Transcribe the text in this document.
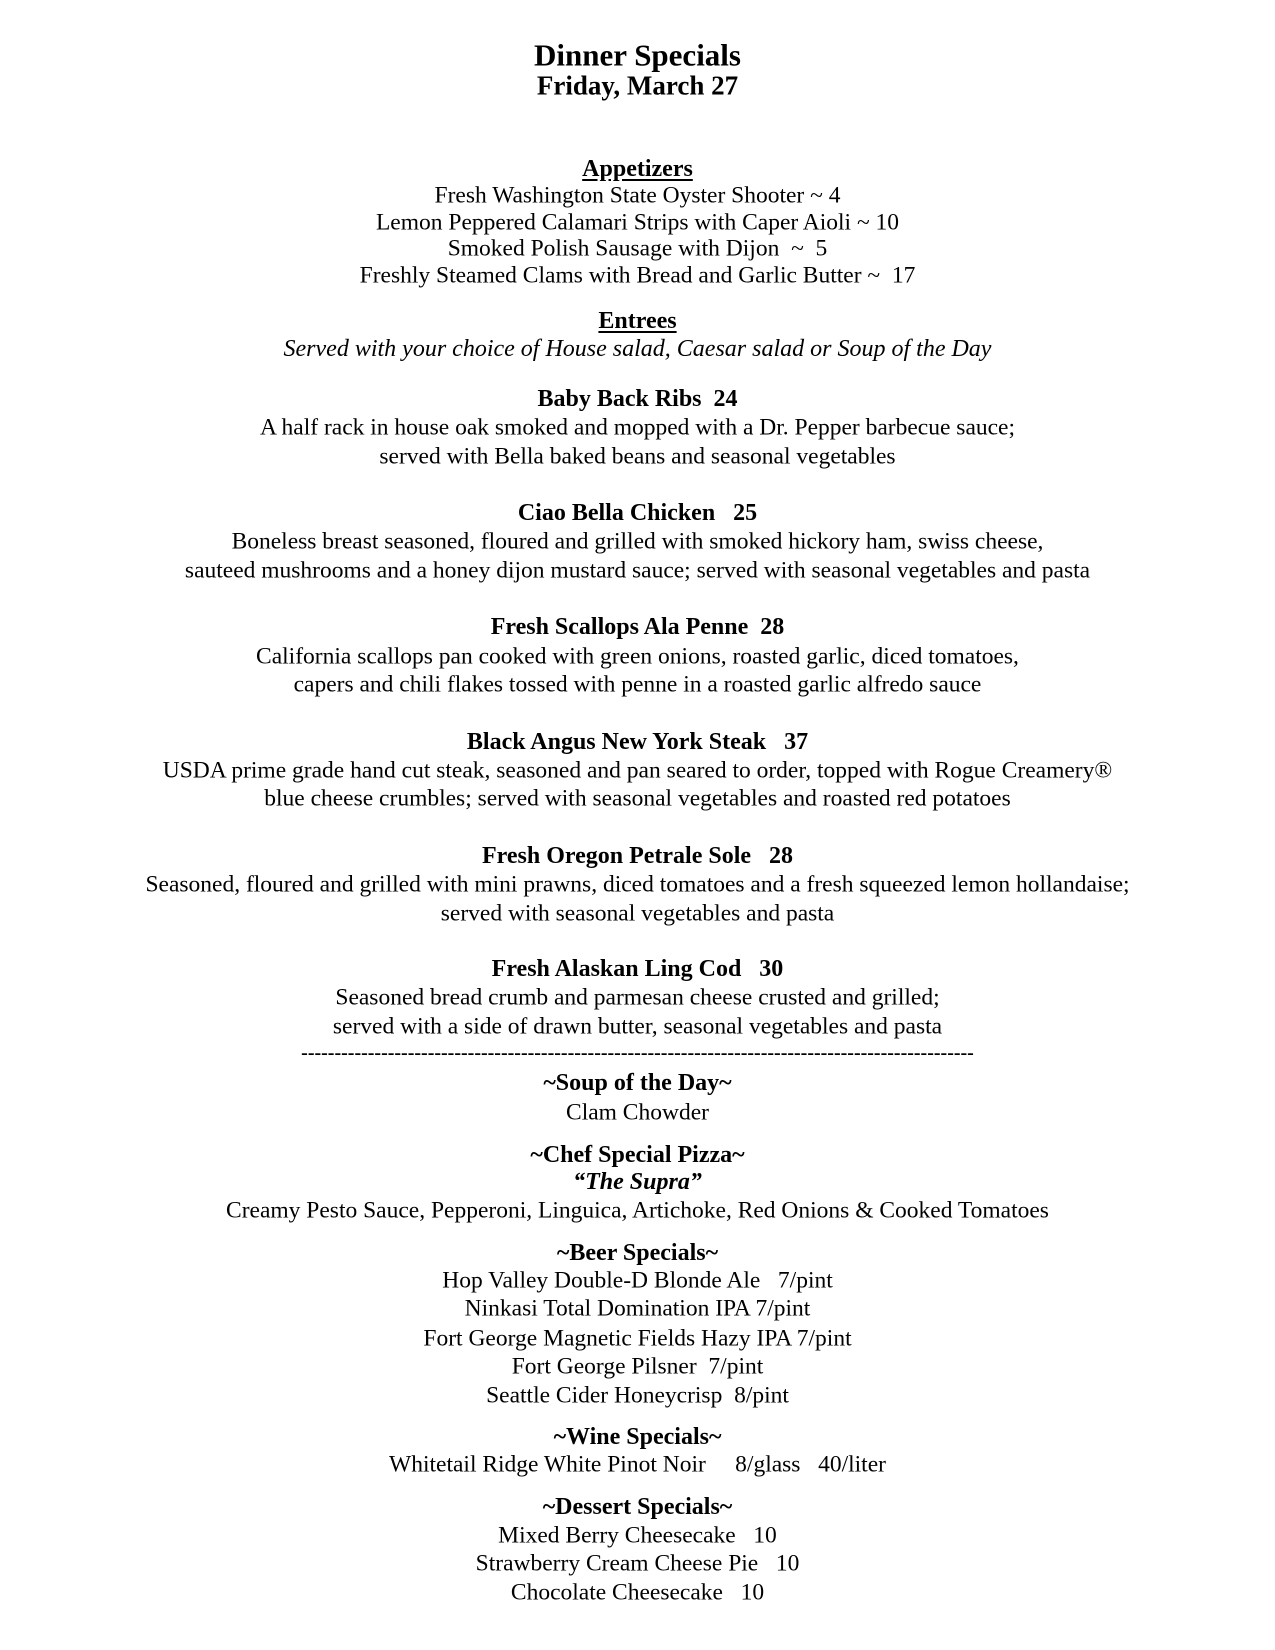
Dinner Specials
Friday, March 27
Appetizers
Fresh Washington State Oyster Shooter ~ 4
Lemon Peppered Calamari Strips with Caper Aioli ~ 10
Smoked Polish Sausage with Dijon  ~  5
Freshly Steamed Clams with Bread and Garlic Butter ~  17
Entrees
Served with your choice of House salad, Caesar salad or Soup of the Day
Baby Back Ribs  24
A half rack in house oak smoked and mopped with a Dr. Pepper barbecue sauce;
served with Bella baked beans and seasonal vegetables
Ciao Bella Chicken   25
Boneless breast seasoned, floured and grilled with smoked hickory ham, swiss cheese,
sauteed mushrooms and a honey dijon mustard sauce; served with seasonal vegetables and pasta
Fresh Scallops Ala Penne  28
California scallops pan cooked with green onions, roasted garlic, diced tomatoes,
capers and chili flakes tossed with penne in a roasted garlic alfredo sauce
Black Angus New York Steak   37
USDA prime grade hand cut steak, seasoned and pan seared to order, topped with Rogue Creamery®
blue cheese crumbles; served with seasonal vegetables and roasted red potatoes
Fresh Oregon Petrale Sole   28
Seasoned, floured and grilled with mini prawns, diced tomatoes and a fresh squeezed lemon hollandaise;
served with seasonal vegetables and pasta
Fresh Alaskan Ling Cod   30
Seasoned bread crumb and parmesan cheese crusted and grilled;
served with a side of drawn butter, seasonal vegetables and pasta
-----------------------------------------------------------------------------------------------------
~Soup of the Day~
Clam Chowder
~Chef Special Pizza~
“The Supra”
Creamy Pesto Sauce, Pepperoni, Linguica, Artichoke, Red Onions & Cooked Tomatoes
~Beer Specials~
Hop Valley Double-D Blonde Ale   7/pint
Ninkasi Total Domination IPA 7/pint
Fort George Magnetic Fields Hazy IPA 7/pint
Fort George Pilsner  7/pint
Seattle Cider Honeycrisp  8/pint
~Wine Specials~
Whitetail Ridge White Pinot Noir     8/glass   40/liter
~Dessert Specials~
Mixed Berry Cheesecake   10
Strawberry Cream Cheese Pie   10
Chocolate Cheesecake   10
